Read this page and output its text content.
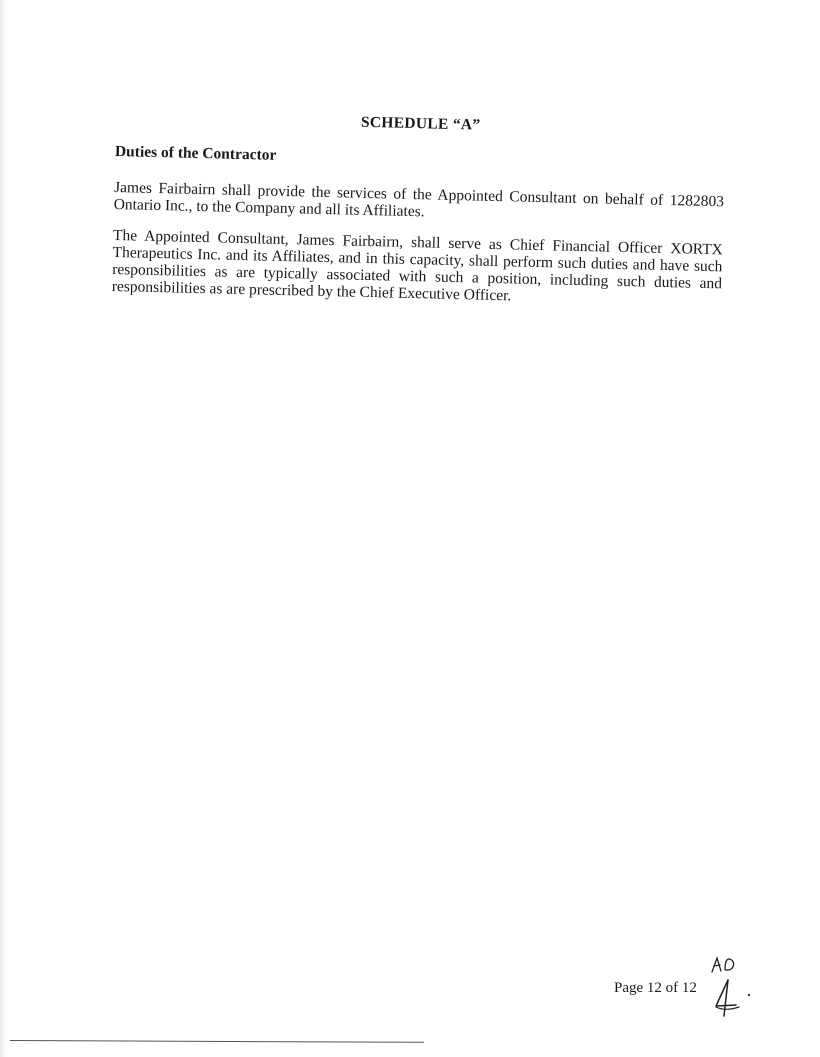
SCHEDULE “A”
Duties of the Contractor

James Fairbairn shall provide the services of the Appointed Consultant on behalf of 1282803 Ontario Inc., to the Company and all its Affiliates.

The Appointed Consultant, James Fairbairn, shall serve as Chief Financial Officer XORTX Therapeutics Inc. and its Affiliates, and in this capacity, shall perform such duties and have such responsibilities as are typically associated with such a position, including such duties and responsibilities as are prescribed by the Chief Executive Officer.

Page 12 of 12
